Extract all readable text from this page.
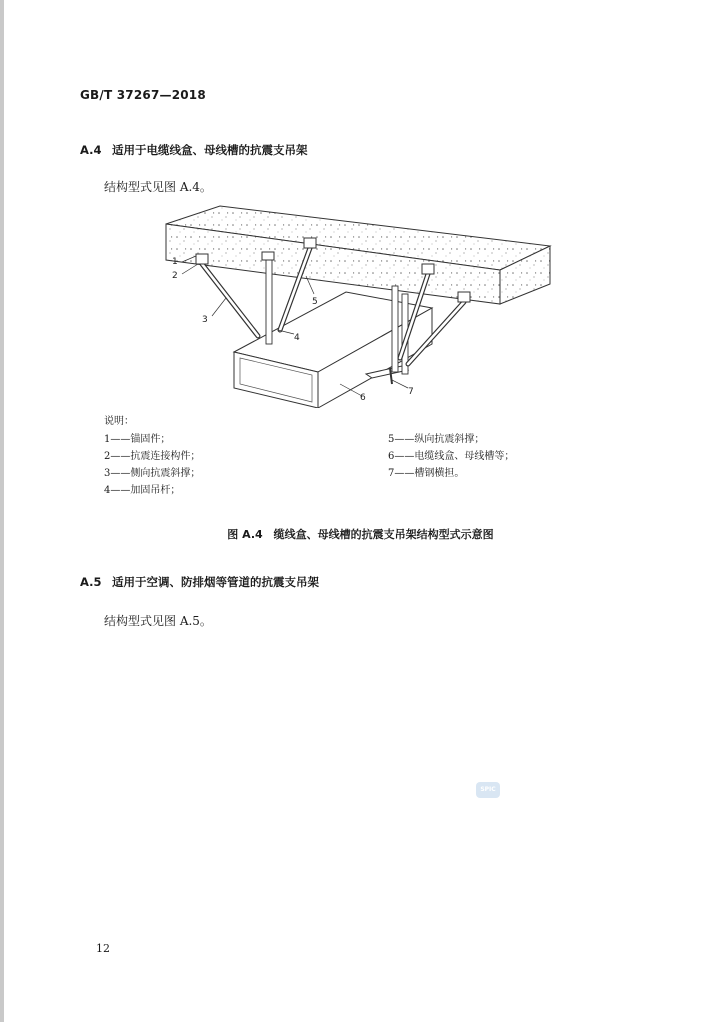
GB/T 37267—2018
A.4 适用于电缆线盒、母线槽的抗震支吊架
结构型式见图 A.4。
1
2
3
4
5
6
7
说明：
1——锚固件；
2——抗震连接构件；
3——侧向抗震斜撑；
4——加固吊杆；
5——纵向抗震斜撑；
6——电缆线盒、母线槽等；
7——槽钢横担。
图 A.4　缆线盒、母线槽的抗震支吊架结构型式示意图
A.5 适用于空调、防排烟等管道的抗震支吊架
结构型式见图 A.5。
SPIC
12
